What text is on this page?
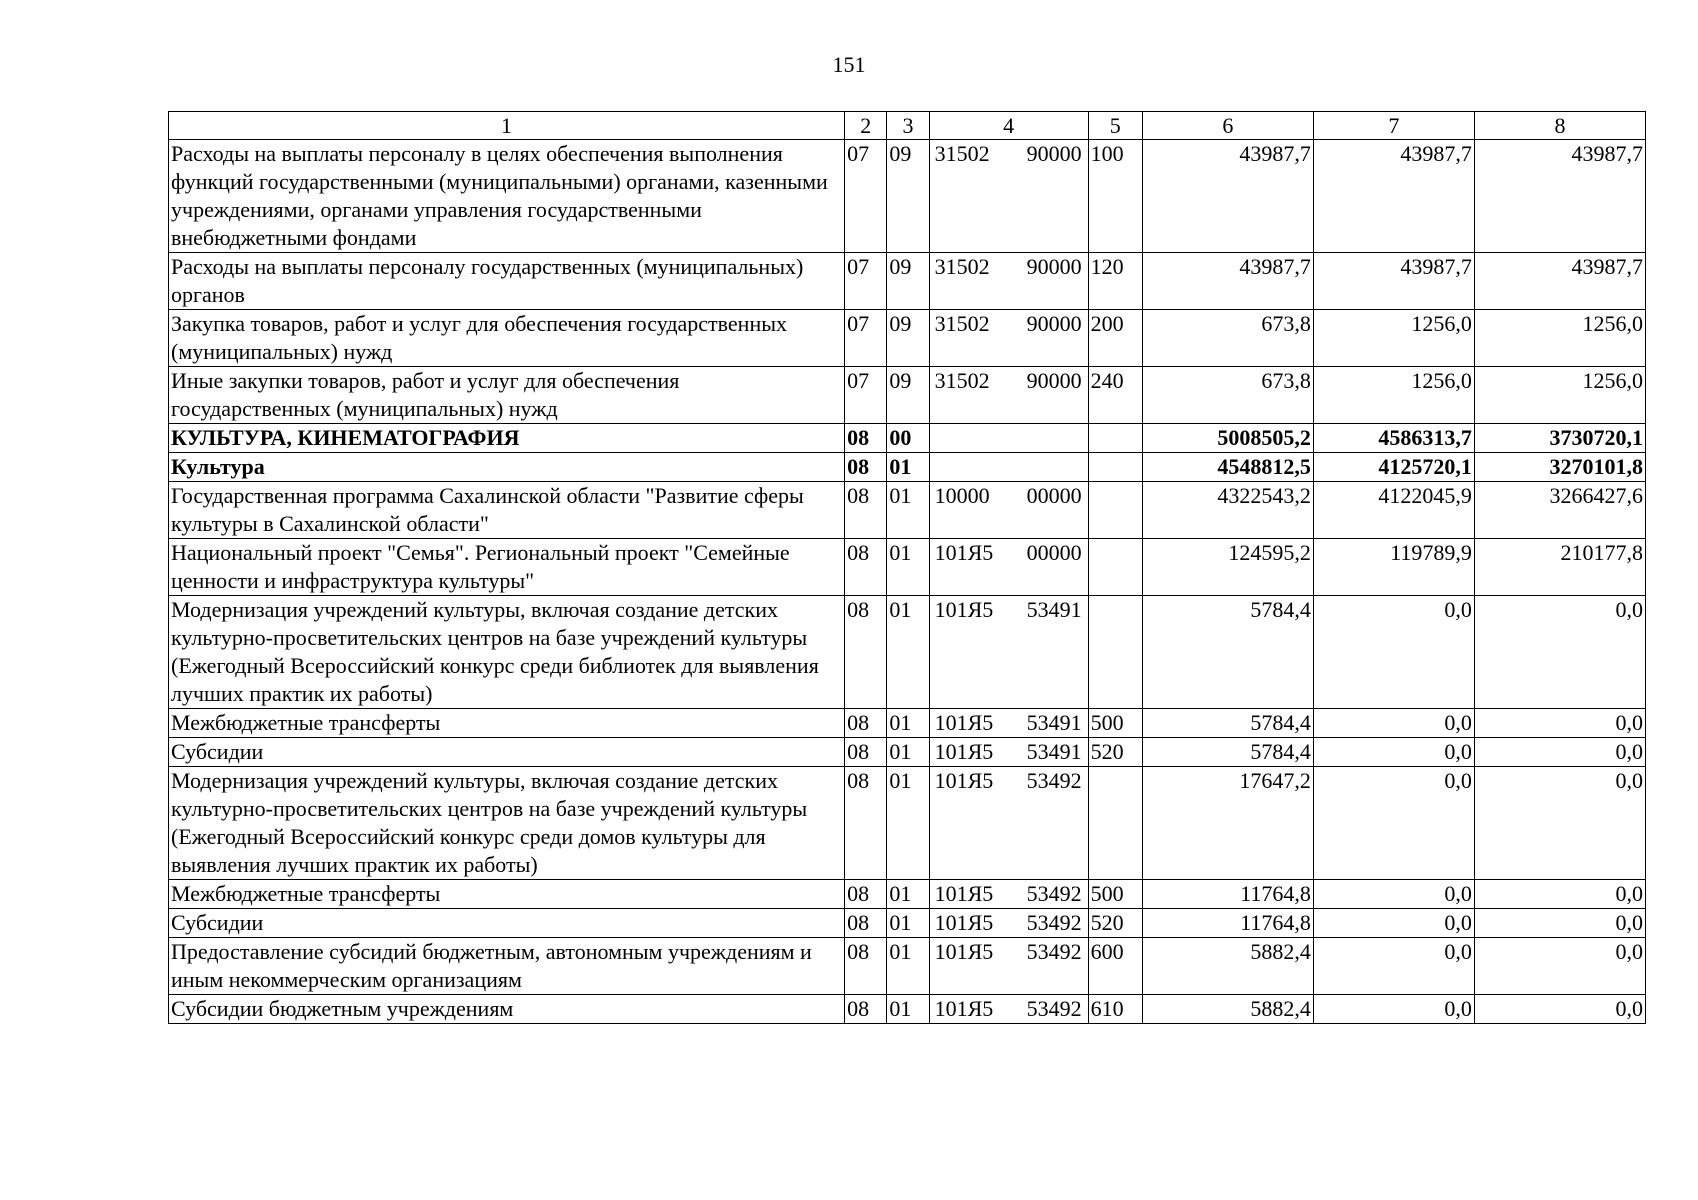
151
1	2	3	4	5	6	7	8
Расходы на выплаты персоналу в целях обеспечения выполнения функций государственными (муниципальными) органами, казенными учреждениями, органами управления государственными внебюджетными фондами	07	09	31502 90000	100	43987,7	43987,7	43987,7
Расходы на выплаты персоналу государственных (муниципальных) органов	07	09	31502 90000	120	43987,7	43987,7	43987,7
Закупка товаров, работ и услуг для обеспечения государственных (муниципальных) нужд	07	09	31502 90000	200	673,8	1256,0	1256,0
Иные закупки товаров, работ и услуг для обеспечения государственных (муниципальных) нужд	07	09	31502 90000	240	673,8	1256,0	1256,0
КУЛЬТУРА, КИНЕМАТОГРАФИЯ	08	00			5008505,2	4586313,7	3730720,1
Культура	08	01			4548812,5	4125720,1	3270101,8
Государственная программа Сахалинской области "Развитие сферы культуры в Сахалинской области"	08	01	10000 00000		4322543,2	4122045,9	3266427,6
Национальный проект "Семья". Региональный проект "Семейные ценности и инфраструктура культуры"	08	01	101Я5 00000		124595,2	119789,9	210177,8
Модернизация учреждений культуры, включая создание детских культурно-просветительских центров на базе учреждений культуры (Ежегодный Всероссийский конкурс среди библиотек для выявления лучших практик их работы)	08	01	101Я5 53491		5784,4	0,0	0,0
Межбюджетные трансферты	08	01	101Я5 53491	500	5784,4	0,0	0,0
Субсидии	08	01	101Я5 53491	520	5784,4	0,0	0,0
Модернизация учреждений культуры, включая создание детских культурно-просветительских центров на базе учреждений культуры (Ежегодный Всероссийский конкурс среди домов культуры для выявления лучших практик их работы)	08	01	101Я5 53492		17647,2	0,0	0,0
Межбюджетные трансферты	08	01	101Я5 53492	500	11764,8	0,0	0,0
Субсидии	08	01	101Я5 53492	520	11764,8	0,0	0,0
Предоставление субсидий бюджетным, автономным учреждениям и иным некоммерческим организациям	08	01	101Я5 53492	600	5882,4	0,0	0,0
Субсидии бюджетным учреждениям	08	01	101Я5 53492	610	5882,4	0,0	0,0
